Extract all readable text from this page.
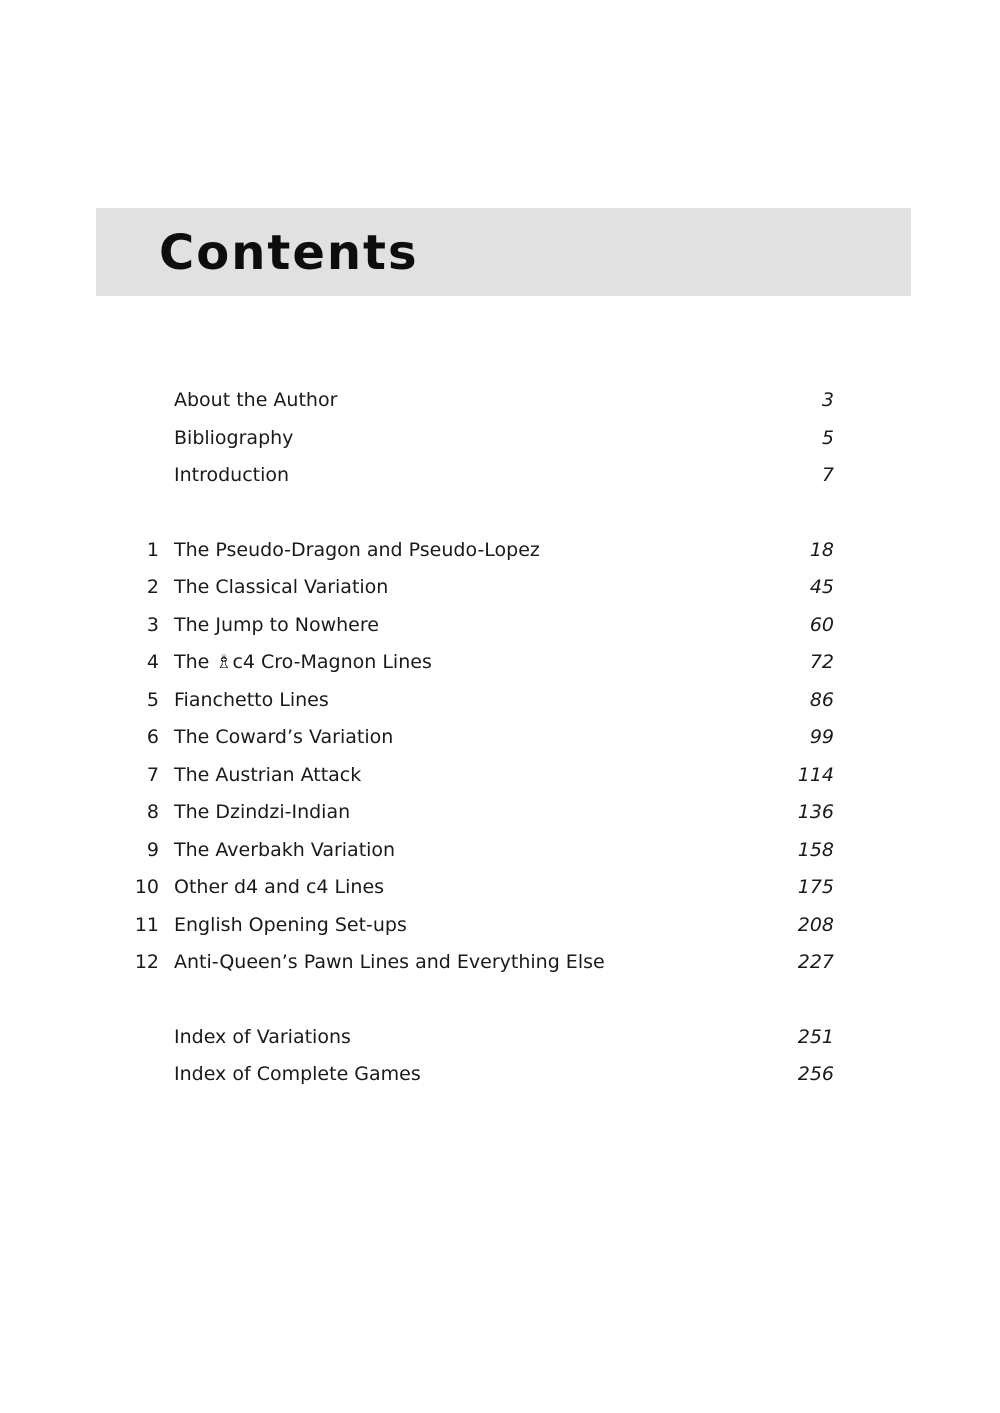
Contents
About the Author	3
Bibliography	5
Introduction	7
1 The Pseudo-Dragon and Pseudo-Lopez	18
2 The Classical Variation	45
3 The Jump to Nowhere	60
4 The ♗c4 Cro-Magnon Lines	72
5 Fianchetto Lines	86
6 The Coward’s Variation	99
7 The Austrian Attack	114
8 The Dzindzi-Indian	136
9 The Averbakh Variation	158
10 Other d4 and c4 Lines	175
11 English Opening Set-ups	208
12 Anti-Queen’s Pawn Lines and Everything Else	227
Index of Variations	251
Index of Complete Games	256
